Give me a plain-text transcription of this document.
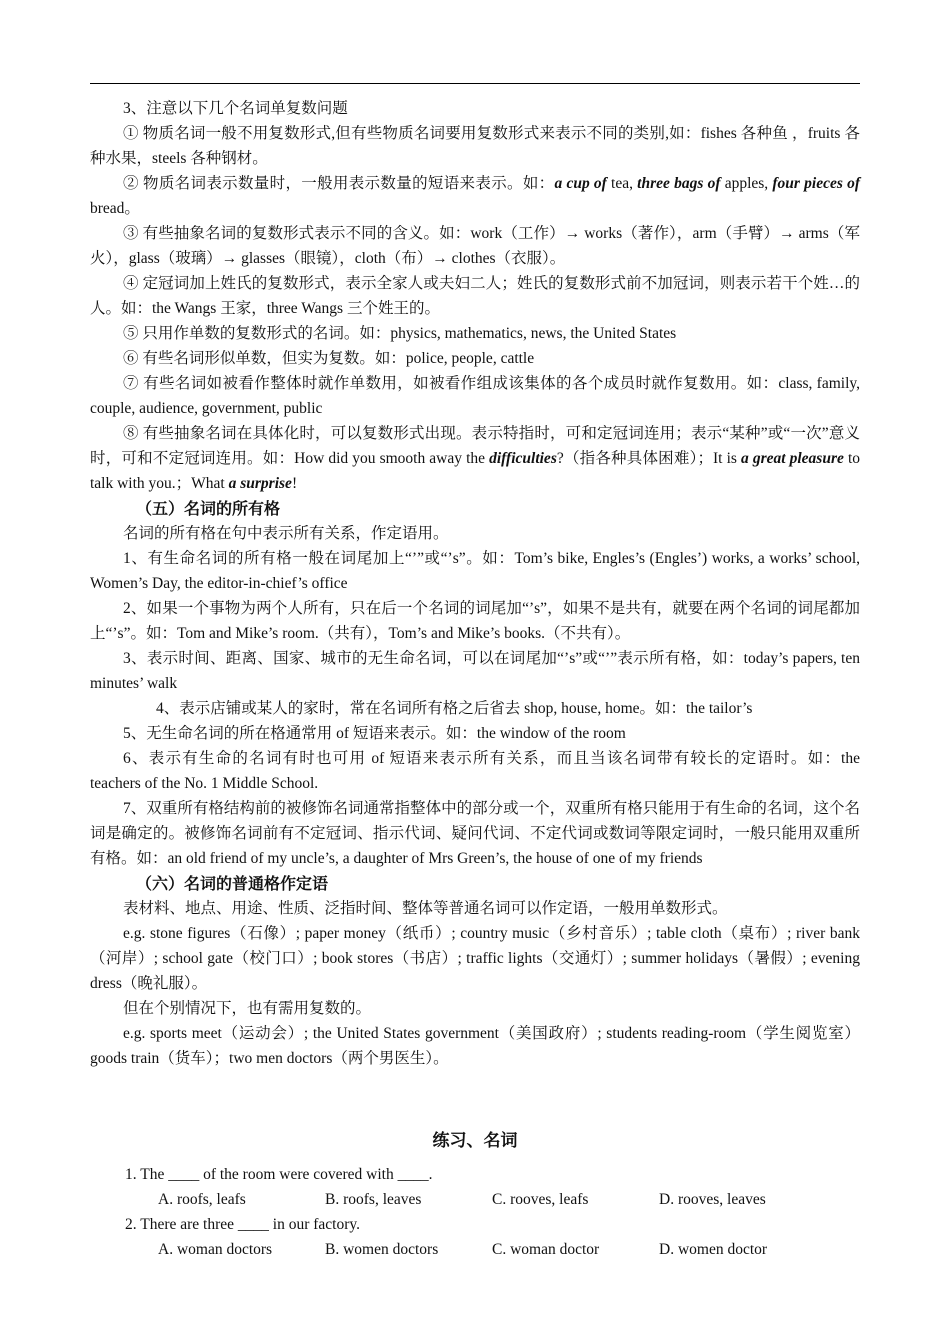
3、注意以下几个名词单复数问题

① 物质名词一般不用复数形式,但有些物质名词要用复数形式来表示不同的类别,如：fishes 各种鱼 ，fruits 各种水果，steels 各种钢材。

② 物质名词表示数量时，一般用表示数量的短语来表示。如：a cup of tea, three bags of apples, four pieces of bread。

③ 有些抽象名词的复数形式表示不同的含义。如：work（工作）→ works（著作），arm（手臂）→ arms（军火），glass（玻璃）→ glasses（眼镜），cloth（布）→ clothes（衣服）。

④ 定冠词加上姓氏的复数形式，表示全家人或夫妇二人；姓氏的复数形式前不加冠词，则表示若干个姓…的人。如：the Wangs 王家，three Wangs 三个姓王的。

⑤ 只用作单数的复数形式的名词。如：physics, mathematics, news, the United States

⑥ 有些名词形似单数，但实为复数。如：police, people, cattle

⑦ 有些名词如被看作整体时就作单数用，如被看作组成该集体的各个成员时就作复数用。如：class, family, couple, audience, government, public

⑧ 有些抽象名词在具体化时，可以复数形式出现。表示特指时，可和定冠词连用；表示“某种”或“一次”意义时，可和不定冠词连用。如：How did you smooth away the difficulties?（指各种具体困难）；It is a great pleasure to talk with you.；What a surprise!

（五）名词的所有格

名词的所有格在句中表示所有关系，作定语用。

1、有生命名词的所有格一般在词尾加上“’”或“’s”。如：Tom’s bike, Engles’s (Engles’) works, a works’ school, Women’s Day, the editor-in-chief’s office

2、如果一个事物为两个人所有，只在后一个名词的词尾加“’s”，如果不是共有，就要在两个名词的词尾都加上“’s”。如：Tom and Mike’s room.（共有），Tom’s and Mike’s books.（不共有）。

3、表示时间、距离、国家、城市的无生命名词，可以在词尾加“’s”或“’”表示所有格，如：today’s papers, ten minutes’ walk

4、表示店铺或某人的家时，常在名词所有格之后省去 shop, house, home。如：the tailor’s

5、无生命名词的所在格通常用 of 短语来表示。如：the window of the room

6、表示有生命的名词有时也可用 of 短语来表示所有关系，而且当该名词带有较长的定语时。如：the teachers of the No. 1 Middle School.

7、双重所有格结构前的被修饰名词通常指整体中的部分或一个，双重所有格只能用于有生命的名词，这个名词是确定的。被修饰名词前有不定冠词、指示代词、疑问代词、不定代词或数词等限定词时，一般只能用双重所有格。如：an old friend of my uncle’s, a daughter of Mrs Green’s, the house of one of my friends

（六）名词的普通格作定语

表材料、地点、用途、性质、泛指时间、整体等普通名词可以作定语，一般用单数形式。

e.g. stone figures（石像）; paper money（纸币）; country music（乡村音乐）; table cloth（桌布）; river bank（河岸）; school gate（校门口）; book stores（书店）; traffic lights（交通灯）; summer holidays（暑假）; evening dress（晚礼服）。

但在个别情况下，也有需用复数的。

e.g. sports meet（运动会）; the United States government（美国政府）; students reading-room（学生阅览室）goods train（货车）；two men doctors（两个男医生）。

练习、名词
1. The ____ of the room were covered with ____.
A. roofs, leafs	B. roofs, leaves	C. rooves, leafs	D. rooves, leaves
2. There are three ____ in our factory.
A. woman doctors	B. women doctors	C. woman doctor	D. women doctor
